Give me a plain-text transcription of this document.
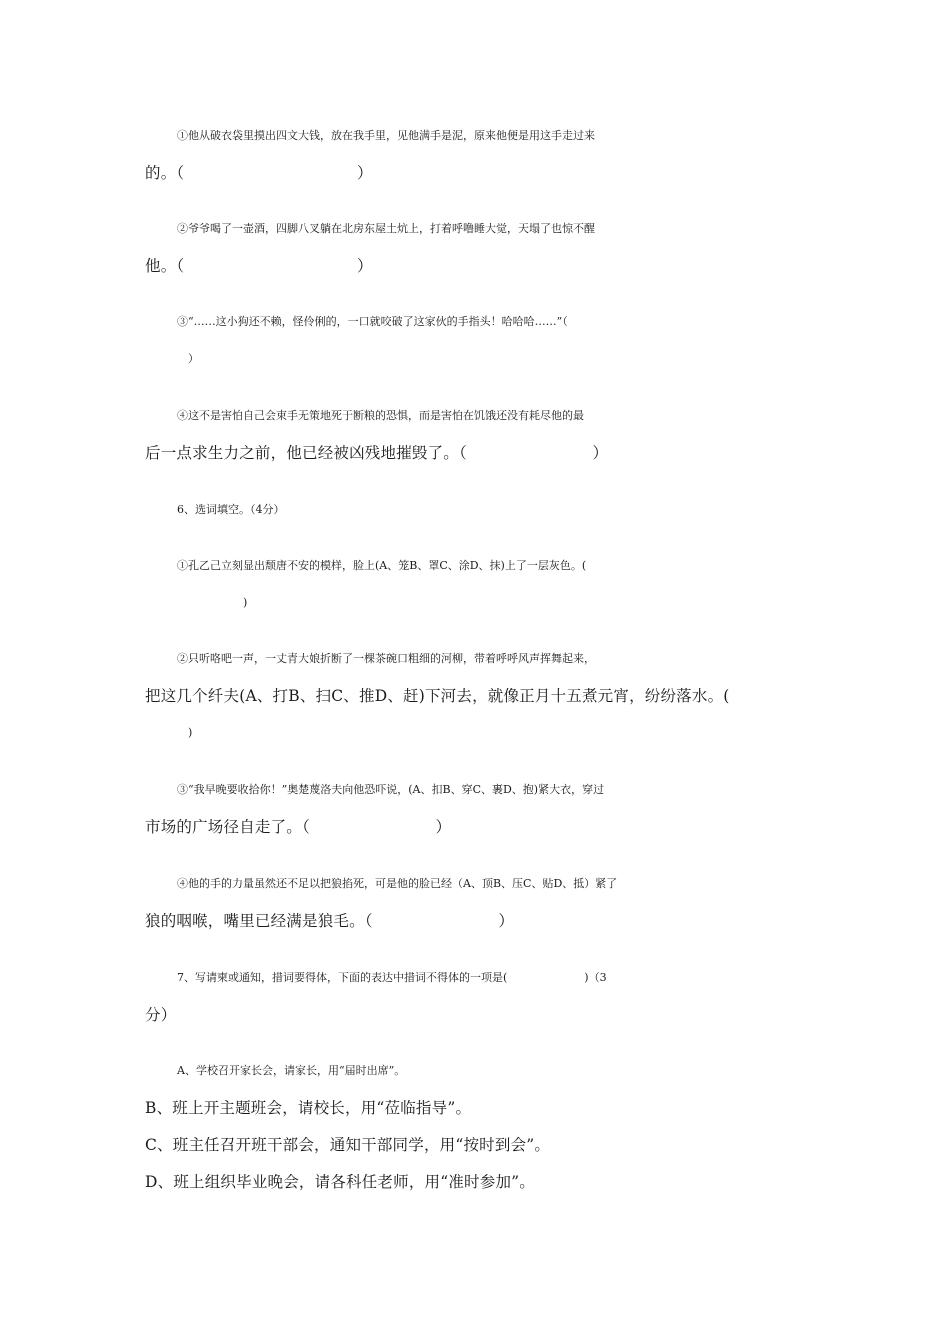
①他从破衣袋里摸出四文大钱，放在我手里，见他满手是泥，原来他便是用这手走过来
的。（　　　　　　　　　　　）
②爷爷喝了一壶酒，四脚八叉躺在北房东屋土炕上，打着呼噜睡大觉，天塌了也惊不醒
他。（　　　　　　　　　　　）
③“……这小狗还不赖，怪伶俐的，一口就咬破了这家伙的手指头！哈哈哈……”（
　）
④这不是害怕自己会束手无策地死于断粮的恐惧，而是害怕在饥饿还没有耗尽他的最
后一点求生力之前，他已经被凶残地摧毁了。（　　　　　　　　）
6、选词填空。（4分）
①孔乙己立刻显出颓唐不安的模样，脸上(A、笼B、罩C、涂D、抹)上了一层灰色。(
　　　　　　)
②只听咯吧一声，一丈青大娘折断了一棵茶碗口粗细的河柳，带着呼呼风声挥舞起来，
把这几个纤夫(A、打B、扫C、推D、赶)下河去，就像正月十五煮元宵，纷纷落水。(
　)
③“我早晚要收拾你！”奥楚蔑洛夫向他恐吓说，(A、扣B、穿C、裹D、抱)紧大衣，穿过
市场的广场径自走了。（　　　　　　　　）
④他的手的力量虽然还不足以把狼掐死，可是他的脸已经（A、顶B、压C、贴D、抵）紧了
狼的咽喉，嘴里已经满是狼毛。（　　　　　　　　）
7、写请柬或通知，措词要得体，下面的表达中措词不得体的一项是(　　　　　　　)（3
分）
A、学校召开家长会，请家长，用“届时出席”。
B、班上开主题班会，请校长，用“莅临指导”。
C、班主任召开班干部会，通知干部同学，用“按时到会”。
D、班上组织毕业晚会，请各科任老师，用“准时参加”。
